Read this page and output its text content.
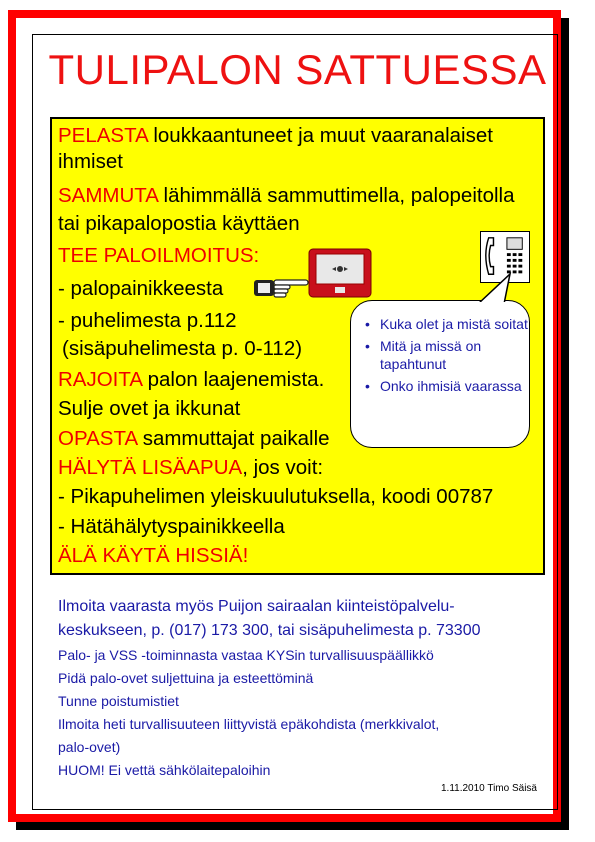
TULIPALON SATTUESSA
PELASTA loukkaantuneet ja muut vaaranalaiset
ihmiset
SAMMUTA lähimmällä sammuttimella, palopeitolla
tai pikapalopostia käyttäen
TEE PALOILMOITUS:
- palopainikkeesta
- puhelimesta p.112
(sisäpuhelimesta p. 0-112)
RAJOITA palon laajenemista.
Sulje ovet ja ikkunat
OPASTA sammuttajat paikalle
HÄLYTÄ LISÄAPUA, jos voit:
- Pikapuhelimen yleiskuulutuksella, koodi 00787
- Hätähälytyspainikkeella
ÄLÄ KÄYTÄ HISSIÄ!
• Kuka olet ja mistä soitat
• Mitä ja missä on tapahtunut
• Onko ihmisiä vaarassa
Ilmoita vaarasta myös Puijon sairaalan kiinteistöpalvelu-
keskukseen, p. (017) 173 300, tai sisäpuhelimesta p. 73300
Palo- ja VSS -toiminnasta vastaa KYSin turvallisuuspäällikkö
Pidä palo-ovet suljettuina ja esteettöminä
Tunne poistumistiet
Ilmoita heti turvallisuuteen liittyvistä epäkohdista (merkkivalot,
palo-ovet)
HUOM! Ei vettä sähkölaitepaloihin
1.11.2010 Timo Säisä
